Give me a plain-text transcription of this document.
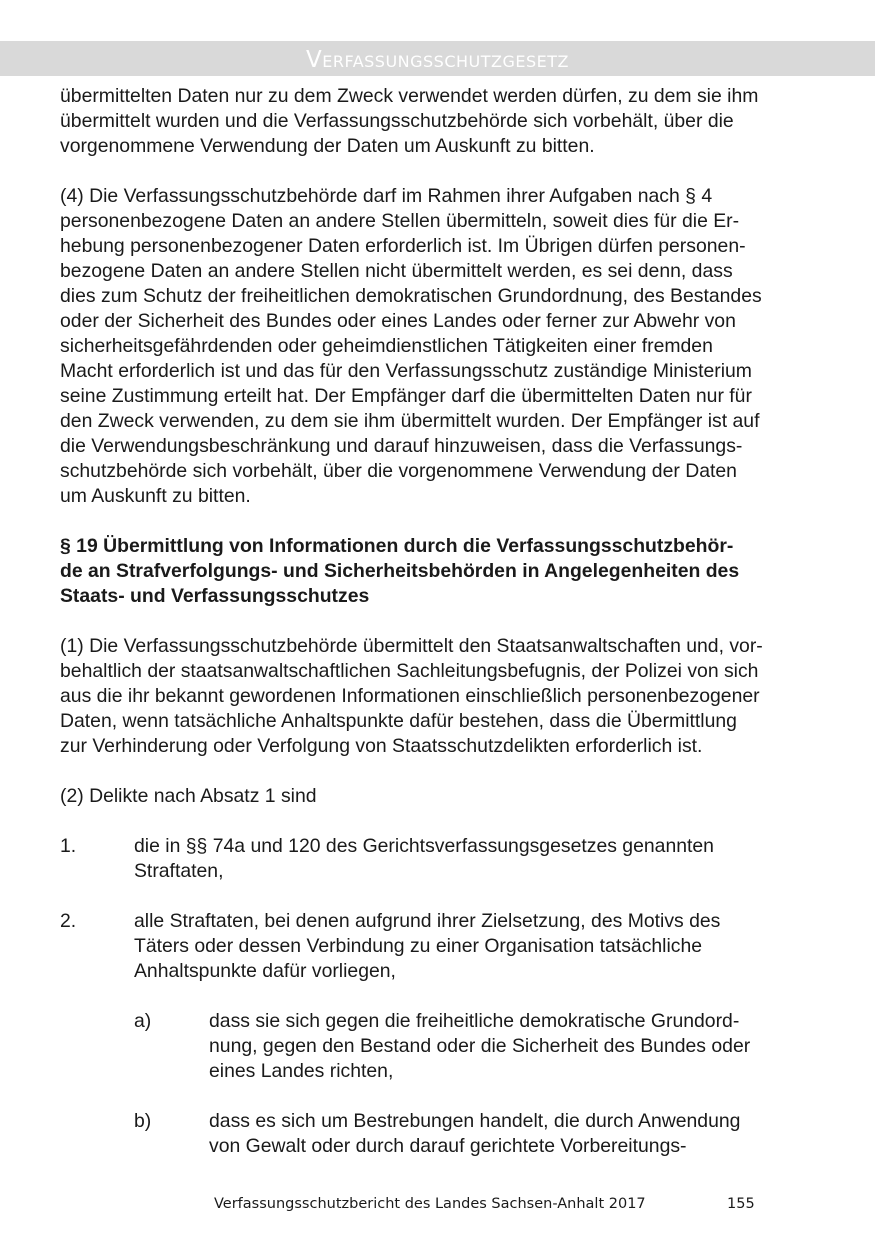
Verfassungsschutzgesetz

übermittelten Daten nur zu dem Zweck verwendet werden dürfen, zu dem sie ihm
übermittelt wurden und die Verfassungsschutzbehörde sich vorbehält, über die
vorgenommene Verwendung der Daten um Auskunft zu bitten.

(4) Die Verfassungsschutzbehörde darf im Rahmen ihrer Aufgaben nach § 4
personenbezogene Daten an andere Stellen übermitteln, soweit dies für die Er-
hebung personenbezogener Daten erforderlich ist. Im Übrigen dürfen personen-
bezogene Daten an andere Stellen nicht übermittelt werden, es sei denn, dass
dies zum Schutz der freiheitlichen demokratischen Grundordnung, des Bestandes
oder der Sicherheit des Bundes oder eines Landes oder ferner zur Abwehr von
sicherheitsgefährdenden oder geheimdienstlichen Tätigkeiten einer fremden
Macht erforderlich ist und das für den Verfassungsschutz zuständige Ministerium
seine Zustimmung erteilt hat. Der Empfänger darf die übermittelten Daten nur für
den Zweck verwenden, zu dem sie ihm übermittelt wurden. Der Empfänger ist auf
die Verwendungsbeschränkung und darauf hinzuweisen, dass die Verfassungs-
schutzbehörde sich vorbehält, über die vorgenommene Verwendung der Daten
um Auskunft zu bitten.

§ 19 Übermittlung von Informationen durch die Verfassungsschutzbehör-
de an Strafverfolgungs- und Sicherheitsbehörden in Angelegenheiten des
Staats- und Verfassungsschutzes

(1) Die Verfassungsschutzbehörde übermittelt den Staatsanwaltschaften und, vor-
behaltlich der staatsanwaltschaftlichen Sachleitungsbefugnis, der Polizei von sich
aus die ihr bekannt gewordenen Informationen einschließlich personenbezogener
Daten, wenn tatsächliche Anhaltspunkte dafür bestehen, dass die Übermittlung
zur Verhinderung oder Verfolgung von Staatsschutzdelikten erforderlich ist.

(2) Delikte nach Absatz 1 sind

1.	die in §§ 74a und 120 des Gerichtsverfassungsgesetzes genannten
Straftaten,
2.	alle Straftaten, bei denen aufgrund ihrer Zielsetzung, des Motivs des
Täters oder dessen Verbindung zu einer Organisation tatsächliche
Anhaltspunkte dafür vorliegen,
a)	dass sie sich gegen die freiheitliche demokratische Grundord-
nung, gegen den Bestand oder die Sicherheit des Bundes oder
eines Landes richten,
b)	dass es sich um Bestrebungen handelt, die durch Anwendung
von Gewalt oder durch darauf gerichtete Vorbereitungs-
Verfassungsschutzbericht des Landes Sachsen-Anhalt 2017	155
